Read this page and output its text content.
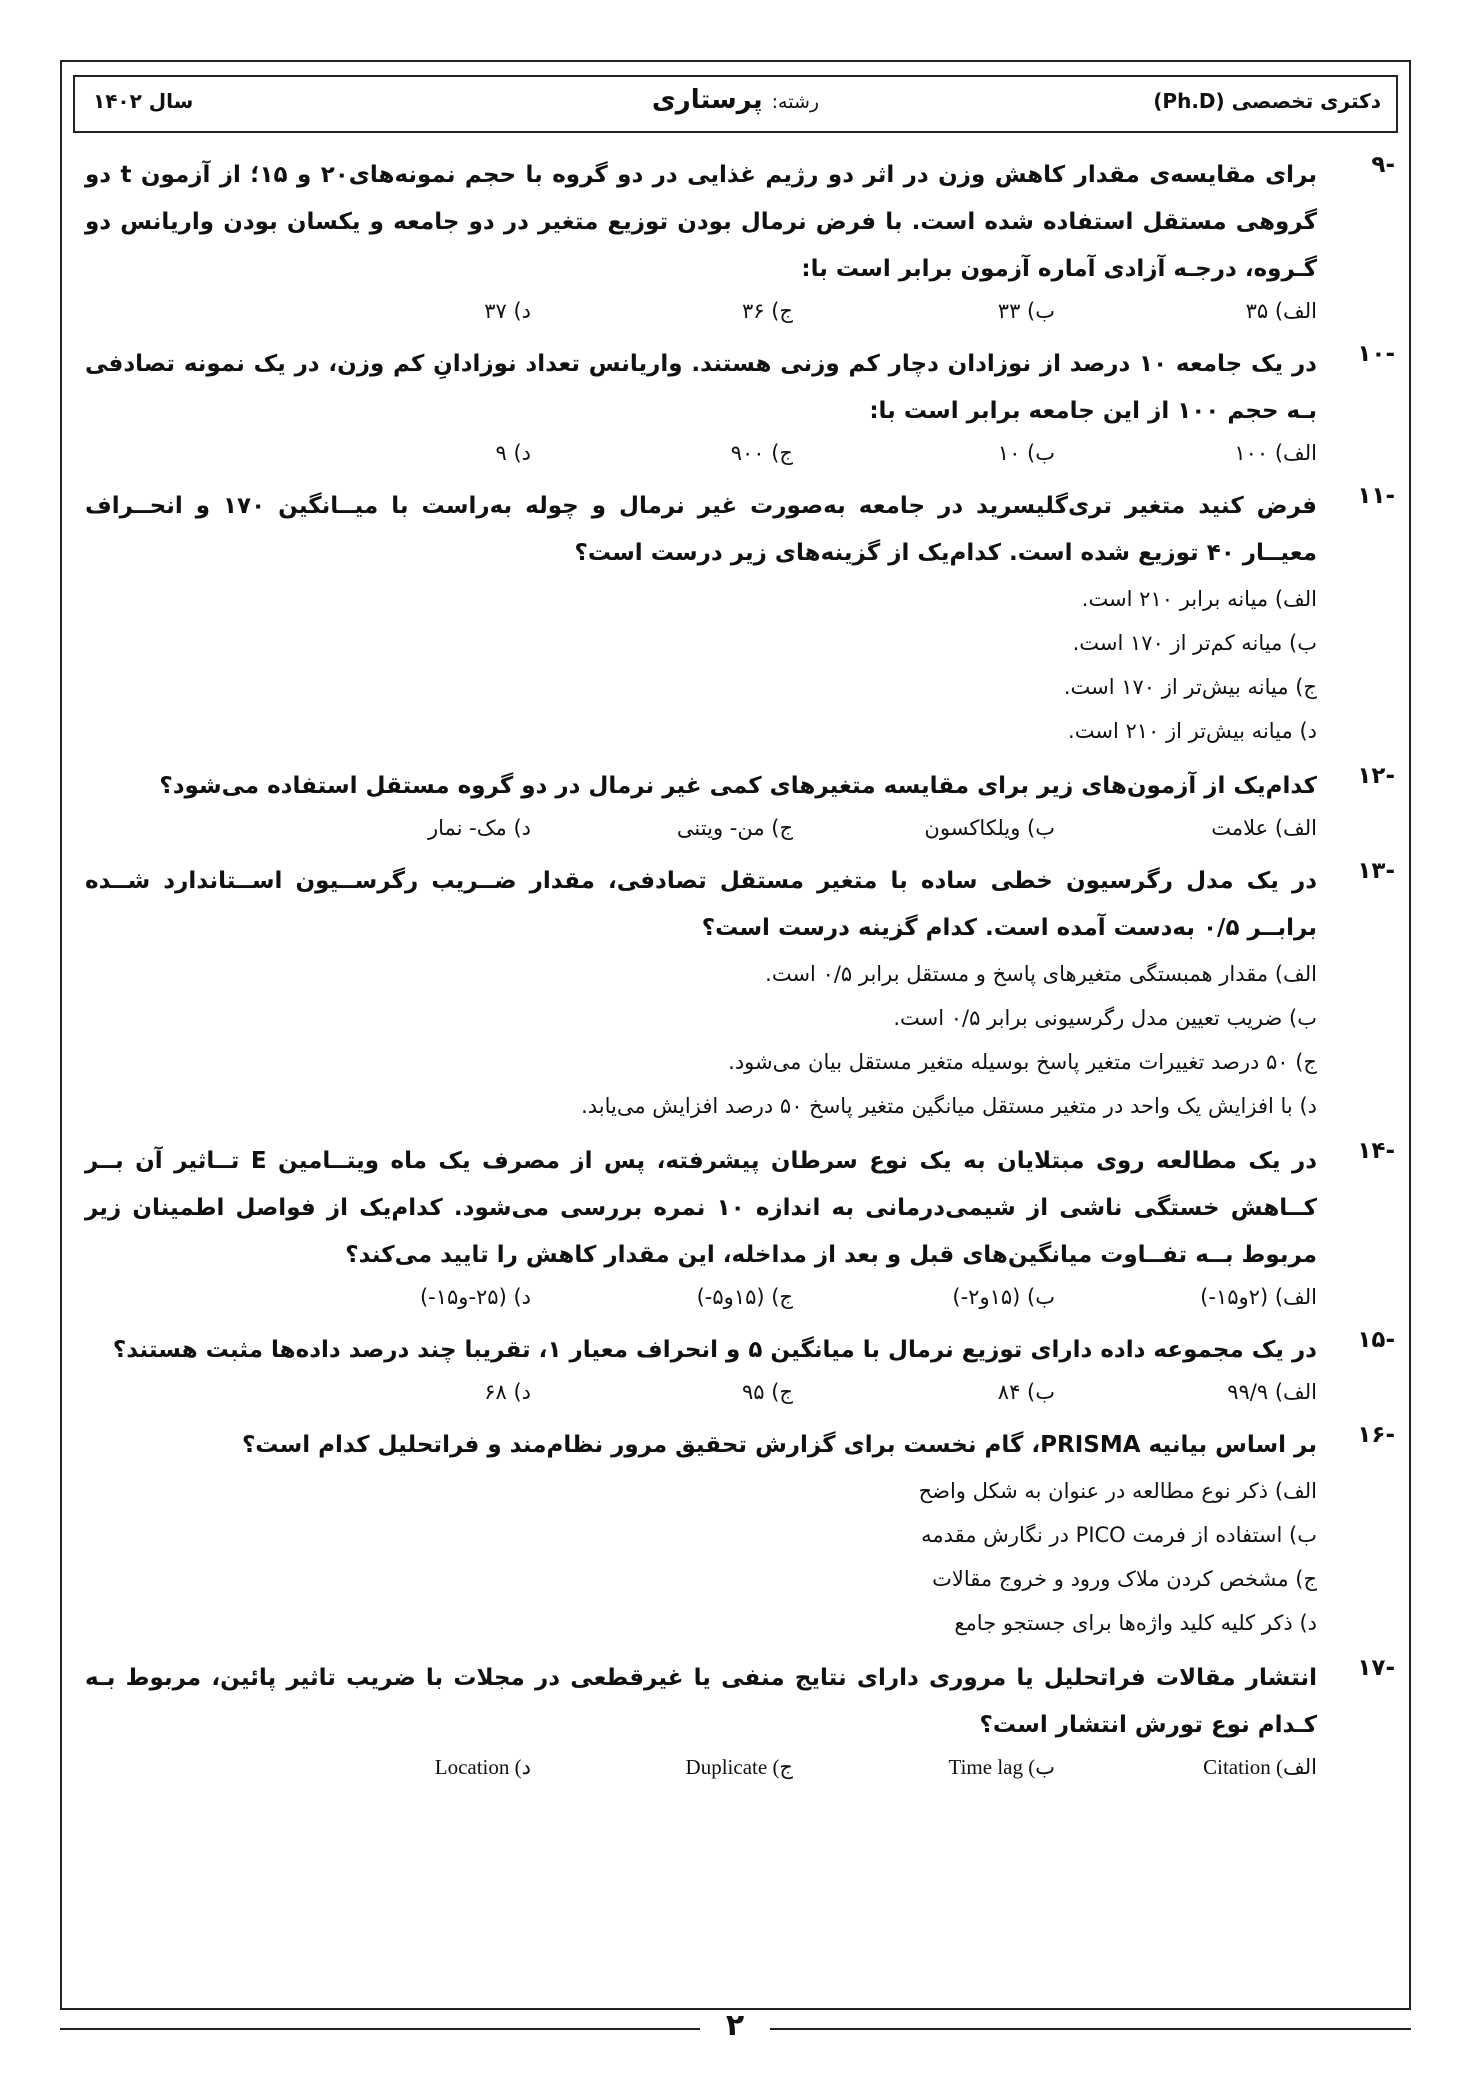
دکتری تخصصی (Ph.D)
رشته: پرستاری
سال ۱۴۰۲
-۹
برای مقایسه‌ی مقدار کاهش وزن در اثر دو رژیم غذایی در دو گروه با حجم نمونه‌های۲۰ و ۱۵؛ از آزمون t دو گروهی مستقل استفاده شده است. با فرض نرمال بودن توزیع متغیر در دو جامعه و یکسان بودن واریانس دو گـروه، درجـه آزادی آماره آزمون برابر است با:
الف) ۳۵
ب) ۳۳
ج) ۳۶
د) ۳۷
-۱۰
در یک جامعه ۱۰ درصد از نوزادان دچار کم وزنی هستند. واریانس تعداد نوزادانِ کم وزن، در یک نمونه تصادفی بـه حجم ۱۰۰ از این جامعه برابر است با:
الف) ۱۰۰
ب) ۱۰
ج) ۹۰۰
د) ۹
-۱۱
فرض کنید متغیر تری‌گلیسرید در جامعه به‌صورت غیر نرمال و چوله به‌راست با میــانگین ۱۷۰ و انحــراف معیــار ۴۰ توزیع شده است. کدام‌یک از گزینه‌های زیر درست است؟
الف) میانه برابر ۲۱۰ است.
ب) میانه کم‌تر از ۱۷۰ است.
ج) میانه بیش‌تر از ۱۷۰ است.
د) میانه بیش‌تر از ۲۱۰ است.
-۱۲
کدام‌یک از آزمون‌های زیر برای مقایسه متغیرهای کمی غیر نرمال در دو گروه مستقل استفاده می‌شود؟
الف) علامت
ب) ویلکاکسون
ج) من- ویتنی
د) مک- نمار
-۱۳
در یک مدل رگرسیون خطی ساده با متغیر مستقل تصادفی، مقدار ضــریب رگرســیون اســتاندارد شــده برابــر ۰/۵ به‌دست آمده است. کدام گزینه درست است؟
الف) مقدار همبستگی متغیرهای پاسخ و مستقل برابر ۰/۵ است.
ب) ضریب تعیین مدل رگرسیونی برابر ۰/۵ است.
ج) ۵۰ درصد تغییرات متغیر پاسخ بوسیله متغیر مستقل بیان می‌شود.
د) با افزایش یک واحد در متغیر مستقل میانگین متغیر پاسخ ۵۰ درصد افزایش می‌یابد.
-۱۴
در یک مطالعه روی مبتلایان به یک نوع سرطان پیشرفته، پس از مصرف یک ماه ویتــامین E تــاثیر آن بــر کــاهش خستگی ناشی از شیمی‌درمانی به اندازه ۱۰ نمره بررسی می‌شود. کدام‌یک از فواصل اطمینان زیر مربوط بــه تفــاوت میانگین‌های قبل و بعد از مداخله، این مقدار کاهش را تایید می‌کند؟
الف) (۲و۱۵-)
ب) (۱۵و۲-)
ج) (۱۵و۵-)
د) (۲۵-و۱۵-)
-۱۵
در یک مجموعه داده دارای توزیع نرمال با میانگین ۵ و انحراف معیار ۱، تقریبا چند درصد داده‌ها مثبت هستند؟
الف) ۹۹/۹
ب) ۸۴
ج) ۹۵
د) ۶۸
-۱۶
بر اساس بیانیه PRISMA، گام نخست برای گزارش تحقیق مرور نظام‌مند و فراتحلیل کدام است؟
الف) ذکر نوع مطالعه در عنوان به شکل واضح
ب) استفاده از فرمت PICO در نگارش مقدمه
ج) مشخص کردن ملاک ورود و خروج مقالات
د) ذکر کلیه کلید واژه‌ها برای جستجو جامع
-۱۷
انتشار مقالات فراتحلیل یا مروری دارای نتایج منفی یا غیرقطعی در مجلات با ضریب تاثیر پائین، مربوط بـه کـدام نوع تورش انتشار است؟
الف) Citation
ب) Time lag
ج) Duplicate
د) Location
۲
